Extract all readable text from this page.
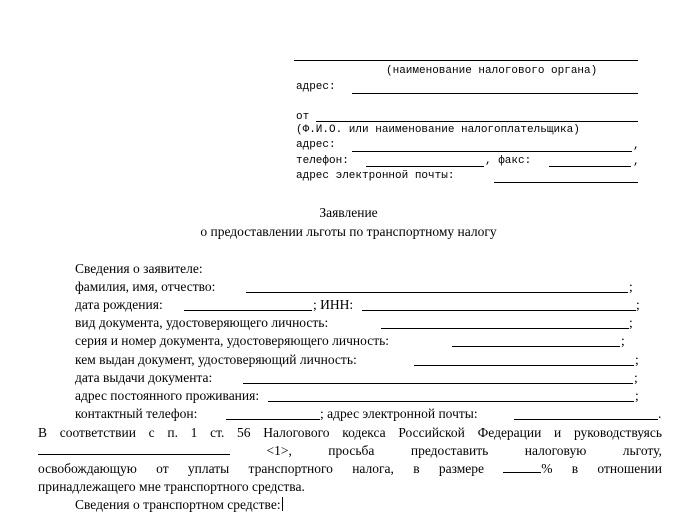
(наименование налогового органа)
адрес:
от
(Ф.И.О. или наименование налогоплательщика)
адрес:	,
телефон:	, факс:	,
адрес электронной почты:
Заявление
о предоставлении льготы по транспортному налогу
Сведения о заявителе:
фамилия, имя, отчество:	;
дата рождения:	; ИНН:	;
вид документа, удостоверяющего личность:	;
серия и номер документа, удостоверяющего личность:	;
кем выдан документ, удостоверяющий личность:	;
дата выдачи документа:	;
адрес постоянного проживания:	;
контактный телефон:	; адрес электронной почты:	.
В соответствии с п. 1 ст. 56 Налогового кодекса Российской Федерации и руководствуясь
<1>,	просьба	предоставить	налоговую	льготу,
освобождающую от уплаты транспортного налога, в размере	% в отношении
принадлежащего мне транспортного средства.
Сведения о транспортном средстве:
